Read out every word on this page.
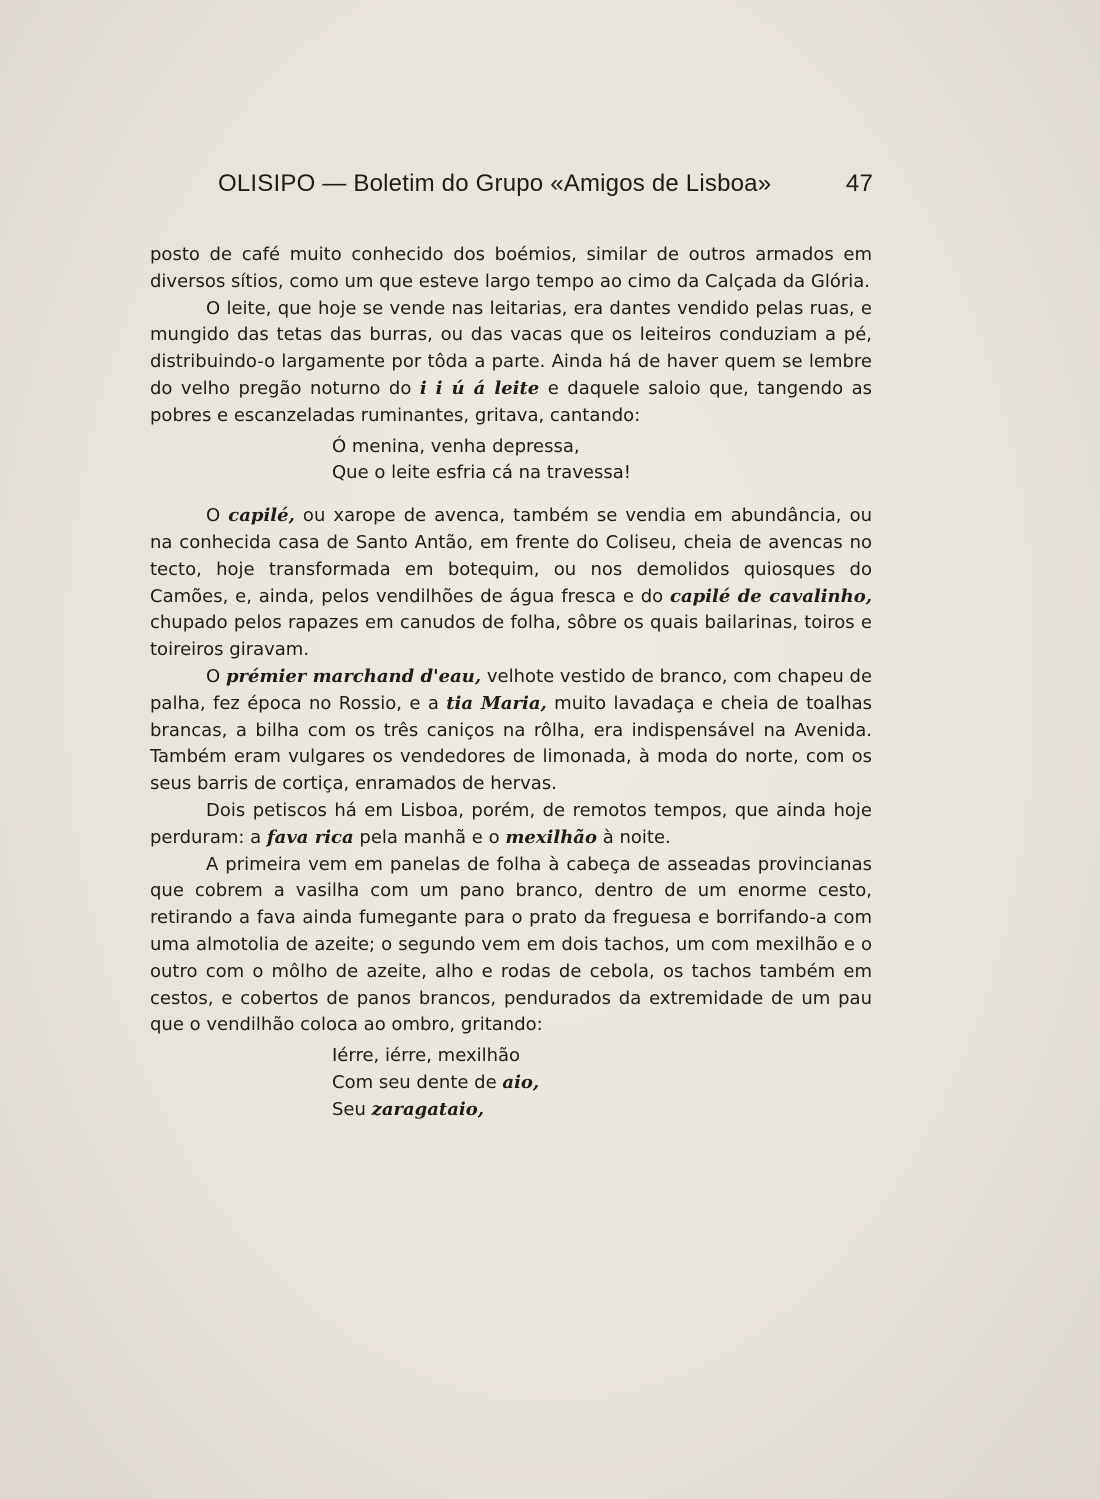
OLISIPO — Boletim do Grupo «Amigos de Lisboa»	47

posto de café muito conhecido dos boémios, similar de outros armados em diversos sítios, como um que esteve largo tempo ao cimo da Calçada da Glória.

O leite, que hoje se vende nas leitarias, era dantes vendido pelas ruas, e mungido das tetas das burras, ou das vacas que os leiteiros conduziam a pé, distribuindo-o largamente por tôda a parte. Ainda há de haver quem se lembre do velho pregão noturno do i i ú á leite e daquele saloio que, tangendo as pobres e escanzeladas ruminantes, gritava, cantando:

Ó menina, venha depressa,
Que o leite esfria cá na travessa!

O capilé, ou xarope de avenca, também se vendia em abundância, ou na conhecida casa de Santo Antão, em frente do Coliseu, cheia de avencas no tecto, hoje transformada em botequim, ou nos demolidos quiosques do Camões, e, ainda, pelos vendilhões de água fresca e do capilé de cavalinho, chupado pelos rapazes em canudos de folha, sôbre os quais bailarinas, toiros e toireiros giravam.

O prémier marchand d'eau, velhote vestido de branco, com chapeu de palha, fez época no Rossio, e a tia Maria, muito lavadaça e cheia de toalhas brancas, a bilha com os três caniços na rôlha, era indispensável na Avenida. Também eram vulgares os vendedores de limonada, à moda do norte, com os seus barris de cortiça, enramados de hervas.

Dois petiscos há em Lisboa, porém, de remotos tempos, que ainda hoje perduram: a fava rica pela manhã e o mexilhão à noite.

A primeira vem em panelas de folha à cabeça de asseadas provincianas que cobrem a vasilha com um pano branco, dentro de um enorme cesto, retirando a fava ainda fumegante para o prato da freguesa e borrifando-a com uma almotolia de azeite; o segundo vem em dois tachos, um com mexilhão e o outro com o môlho de azeite, alho e rodas de cebola, os tachos também em cestos, e cobertos de panos brancos, pendurados da extremidade de um pau que o vendilhão coloca ao ombro, gritando:

Iérre, iérre, mexilhão
Com seu dente de aio,
Seu zaragataio,
